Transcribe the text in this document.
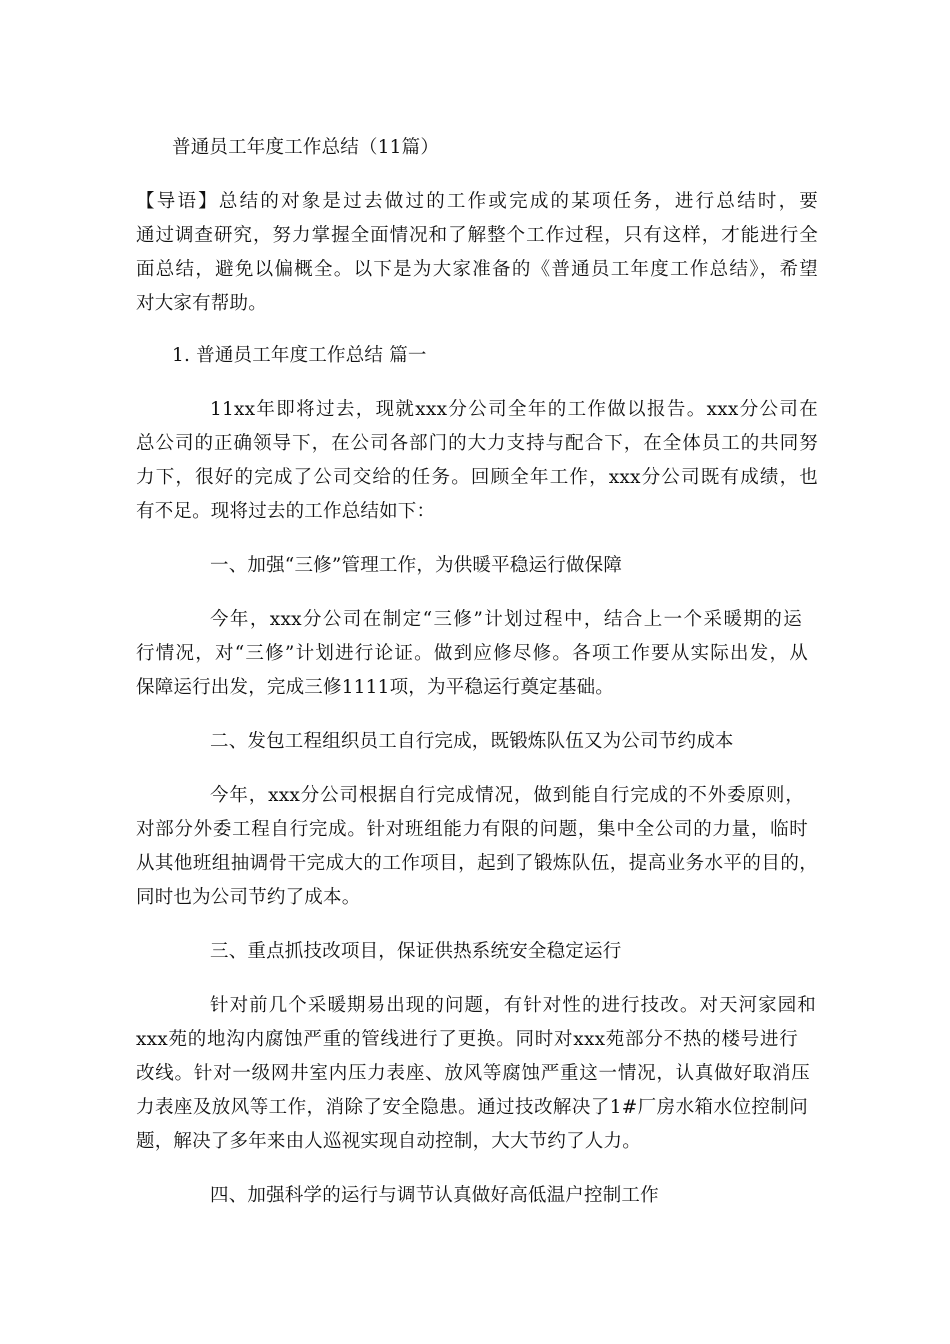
普通员工年度工作总结（11篇）
【导语】总结的对象是过去做过的工作或完成的某项任务，进行总结时，要
通过调查研究，努力掌握全面情况和了解整个工作过程，只有这样，才能进行全
面总结，避免以偏概全。以下是为大家准备的《普通员工年度工作总结》，希望
对大家有帮助。
1. 普通员工年度工作总结 篇一
11xx年即将过去，现就xxx分公司全年的工作做以报告。xxx分公司在
总公司的正确领导下，在公司各部门的大力支持与配合下，在全体员工的共同努
力下，很好的完成了公司交给的任务。回顾全年工作，xxx分公司既有成绩，也
有不足。现将过去的工作总结如下：
一、加强“三修”管理工作，为供暖平稳运行做保障
今年，xxx分公司在制定“三修”计划过程中，结合上一个采暖期的运
行情况，对“三修”计划进行论证。做到应修尽修。各项工作要从实际出发，从
保障运行出发，完成三修1111项，为平稳运行奠定基础。
二、发包工程组织员工自行完成，既锻炼队伍又为公司节约成本
今年，xxx分公司根据自行完成情况，做到能自行完成的不外委原则，
对部分外委工程自行完成。针对班组能力有限的问题，集中全公司的力量，临时
从其他班组抽调骨干完成大的工作项目，起到了锻炼队伍，提高业务水平的目的，
同时也为公司节约了成本。
三、重点抓技改项目，保证供热系统安全稳定运行
针对前几个采暖期易出现的问题，有针对性的进行技改。对天河家园和
xxx苑的地沟内腐蚀严重的管线进行了更换。同时对xxx苑部分不热的楼号进行
改线。针对一级网井室内压力表座、放风等腐蚀严重这一情况，认真做好取消压
力表座及放风等工作，消除了安全隐患。通过技改解决了1#厂房水箱水位控制问
题，解决了多年来由人巡视实现自动控制，大大节约了人力。
四、加强科学的运行与调节认真做好高低温户控制工作
